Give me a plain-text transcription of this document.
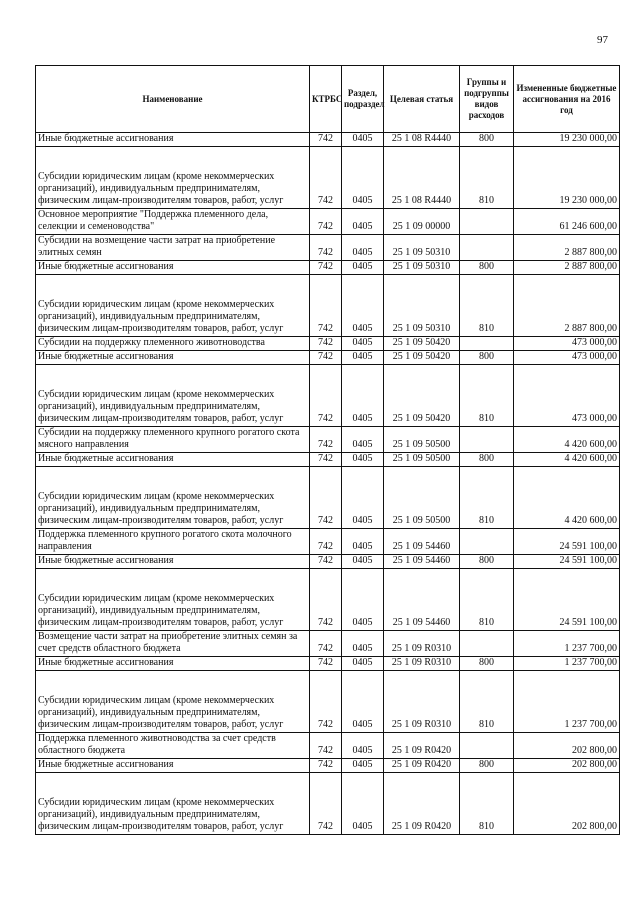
97
Наименование	КТРБС	Раздел, подраздел	Целевая статья	Группы и подгруппы видов расходов	Измененные бюджетные ассигнования на 2016 год
Иные бюджетные ассигнования	742	0405	25 1 08 R4440	800	19 230 000,00
Субсидии юридическим лицам (кроме некоммерческих организаций), индивидуальным предпринимателям, физическим лицам-производителям товаров, работ, услуг	742	0405	25 1 08 R4440	810	19 230 000,00
Основное мероприятие "Поддержка племенного дела, селекции и семеноводства"	742	0405	25 1 09 00000		61 246 600,00
Субсидии на возмещение части затрат на приобретение элитных семян	742	0405	25 1 09 50310		2 887 800,00
Иные бюджетные ассигнования	742	0405	25 1 09 50310	800	2 887 800,00
Субсидии юридическим лицам (кроме некоммерческих организаций), индивидуальным предпринимателям, физическим лицам-производителям товаров, работ, услуг	742	0405	25 1 09 50310	810	2 887 800,00
Субсидии на поддержку племенного животноводства	742	0405	25 1 09 50420		473 000,00
Иные бюджетные ассигнования	742	0405	25 1 09 50420	800	473 000,00
Субсидии юридическим лицам (кроме некоммерческих организаций), индивидуальным предпринимателям, физическим лицам-производителям товаров, работ, услуг	742	0405	25 1 09 50420	810	473 000,00
Субсидии на поддержку племенного крупного рогатого скота мясного направления	742	0405	25 1 09 50500		4 420 600,00
Иные бюджетные ассигнования	742	0405	25 1 09 50500	800	4 420 600,00
Субсидии юридическим лицам (кроме некоммерческих организаций), индивидуальным предпринимателям, физическим лицам-производителям товаров, работ, услуг	742	0405	25 1 09 50500	810	4 420 600,00
Поддержка племенного крупного рогатого скота молочного направления	742	0405	25 1 09 54460		24 591 100,00
Иные бюджетные ассигнования	742	0405	25 1 09 54460	800	24 591 100,00
Субсидии юридическим лицам (кроме некоммерческих организаций), индивидуальным предпринимателям, физическим лицам-производителям товаров, работ, услуг	742	0405	25 1 09 54460	810	24 591 100,00
Возмещение части затрат на приобретение элитных семян за счет средств областного бюджета	742	0405	25 1 09 R0310		1 237 700,00
Иные бюджетные ассигнования	742	0405	25 1 09 R0310	800	1 237 700,00
Субсидии юридическим лицам (кроме некоммерческих организаций), индивидуальным предпринимателям, физическим лицам-производителям товаров, работ, услуг	742	0405	25 1 09 R0310	810	1 237 700,00
Поддержка племенного животноводства за счет средств областного бюджета	742	0405	25 1 09 R0420		202 800,00
Иные бюджетные ассигнования	742	0405	25 1 09 R0420	800	202 800,00
Субсидии юридическим лицам (кроме некоммерческих организаций), индивидуальным предпринимателям, физическим лицам-производителям товаров, работ, услуг	742	0405	25 1 09 R0420	810	202 800,00
